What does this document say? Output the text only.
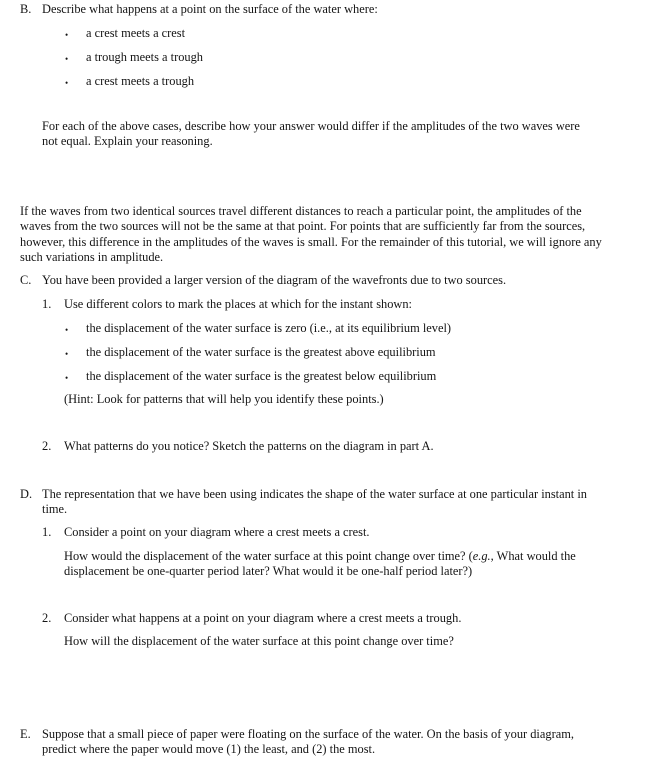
B. Describe what happens at a point on the surface of the water where:
• a crest meets a crest
• a trough meets a trough
• a crest meets a trough
For each of the above cases, describe how your answer would differ if the amplitudes of the two waves were not equal. Explain your reasoning.
If the waves from two identical sources travel different distances to reach a particular point, the amplitudes of the waves from the two sources will not be the same at that point. For points that are sufficiently far from the sources, however, this difference in the amplitudes of the waves is small. For the remainder of this tutorial, we will ignore any such variations in amplitude.
C. You have been provided a larger version of the diagram of the wavefronts due to two sources.
1. Use different colors to mark the places at which for the instant shown:
• the displacement of the water surface is zero (i.e., at its equilibrium level)
• the displacement of the water surface is the greatest above equilibrium
• the displacement of the water surface is the greatest below equilibrium
(Hint: Look for patterns that will help you identify these points.)
2. What patterns do you notice? Sketch the patterns on the diagram in part A.
D. The representation that we have been using indicates the shape of the water surface at one particular instant in time.
1. Consider a point on your diagram where a crest meets a crest.
How would the displacement of the water surface at this point change over time? (e.g., What would the displacement be one-quarter period later? What would it be one-half period later?)
2. Consider what happens at a point on your diagram where a crest meets a trough.
How will the displacement of the water surface at this point change over time?
E. Suppose that a small piece of paper were floating on the surface of the water. On the basis of your diagram, predict where the paper would move (1) the least, and (2) the most.
